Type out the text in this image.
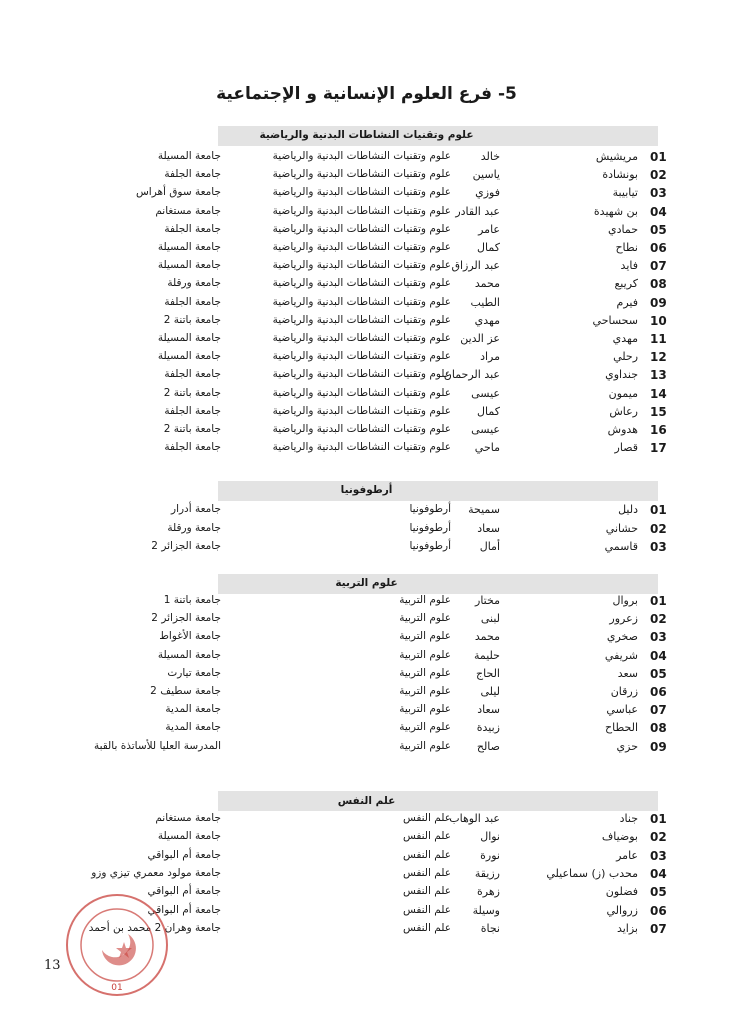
5- فرع العلوم الإنسانية و الإجتماعية
علوم وتقنيات النشاطات البدنية والرياضية
01
مريشيش
خالد
علوم وتقنيات النشاطات البدنية والرياضية
جامعة المسيلة
02
بونشادة
ياسين
علوم وتقنيات النشاطات البدنية والرياضية
جامعة الجلفة
03
تيابيبة
فوزي
علوم وتقنيات النشاطات البدنية والرياضية
جامعة سوق أهراس
04
بن شهيدة
عبد القادر
علوم وتقنيات النشاطات البدنية والرياضية
جامعة مستغانم
05
حمادي
عامر
علوم وتقنيات النشاطات البدنية والرياضية
جامعة الجلفة
06
نطاح
كمال
علوم وتقنيات النشاطات البدنية والرياضية
جامعة المسيلة
07
فايد
عبد الرزاق
علوم وتقنيات النشاطات البدنية والرياضية
جامعة المسيلة
08
كريبع
محمد
علوم وتقنيات النشاطات البدنية والرياضية
جامعة ورقلة
09
فيرم
الطيب
علوم وتقنيات النشاطات البدنية والرياضية
جامعة الجلفة
10
سحساحي
مهدي
علوم وتقنيات النشاطات البدنية والرياضية
جامعة باتنة 2
11
مهدي
عز الدين
علوم وتقنيات النشاطات البدنية والرياضية
جامعة المسيلة
12
رحلي
مراد
علوم وتقنيات النشاطات البدنية والرياضية
جامعة المسيلة
13
جنداوي
عبد الرحمان
علوم وتقنيات النشاطات البدنية والرياضية
جامعة الجلفة
14
ميمون
عيسى
علوم وتقنيات النشاطات البدنية والرياضية
جامعة باتنة 2
15
رعاش
كمال
علوم وتقنيات النشاطات البدنية والرياضية
جامعة الجلفة
16
هدوش
عيسى
علوم وتقنيات النشاطات البدنية والرياضية
جامعة باتنة 2
17
قصار
ماحي
علوم وتقنيات النشاطات البدنية والرياضية
جامعة الجلفة
أرطوفونيا
01
دليل
سميحة
أرطوفونيا
جامعة أدرار
02
حشاني
سعاد
أرطوفونيا
جامعة ورقلة
03
قاسمي
أمال
أرطوفونيا
جامعة الجزائر 2
علوم التربية
01
بروال
مختار
علوم التربية
جامعة باتنة 1
02
زعرور
لبنى
علوم التربية
جامعة الجزائر 2
03
صخري
محمد
علوم التربية
جامعة الأغواط
04
شريفي
حليمة
علوم التربية
جامعة المسيلة
05
سعد
الحاج
علوم التربية
جامعة تيارت
06
زرقان
ليلى
علوم التربية
جامعة سطيف 2
07
عباسي
سعاد
علوم التربية
جامعة المدية
08
الحطاح
زبيدة
علوم التربية
جامعة المدية
09
حزي
صالح
علوم التربية
المدرسة العليا للأساتذة بالقبة
علم النفس
01
جناد
عبد الوهاب
علم النفس
جامعة مستغانم
02
بوضياف
نوال
علم النفس
جامعة المسيلة
03
عامر
نورة
علم النفس
جامعة أم البواقي
04
محدب (ز) سماعيلي
رزيقة
علم النفس
جامعة مولود معمري تيزي وزو
05
فضلون
زهرة
علم النفس
جامعة أم البواقي
06
زروالي
وسيلة
علم النفس
جامعة أم البواقي
07
بزايد
نجاة
علم النفس
جامعة وهران 2 محمد بن أحمد
01
13
